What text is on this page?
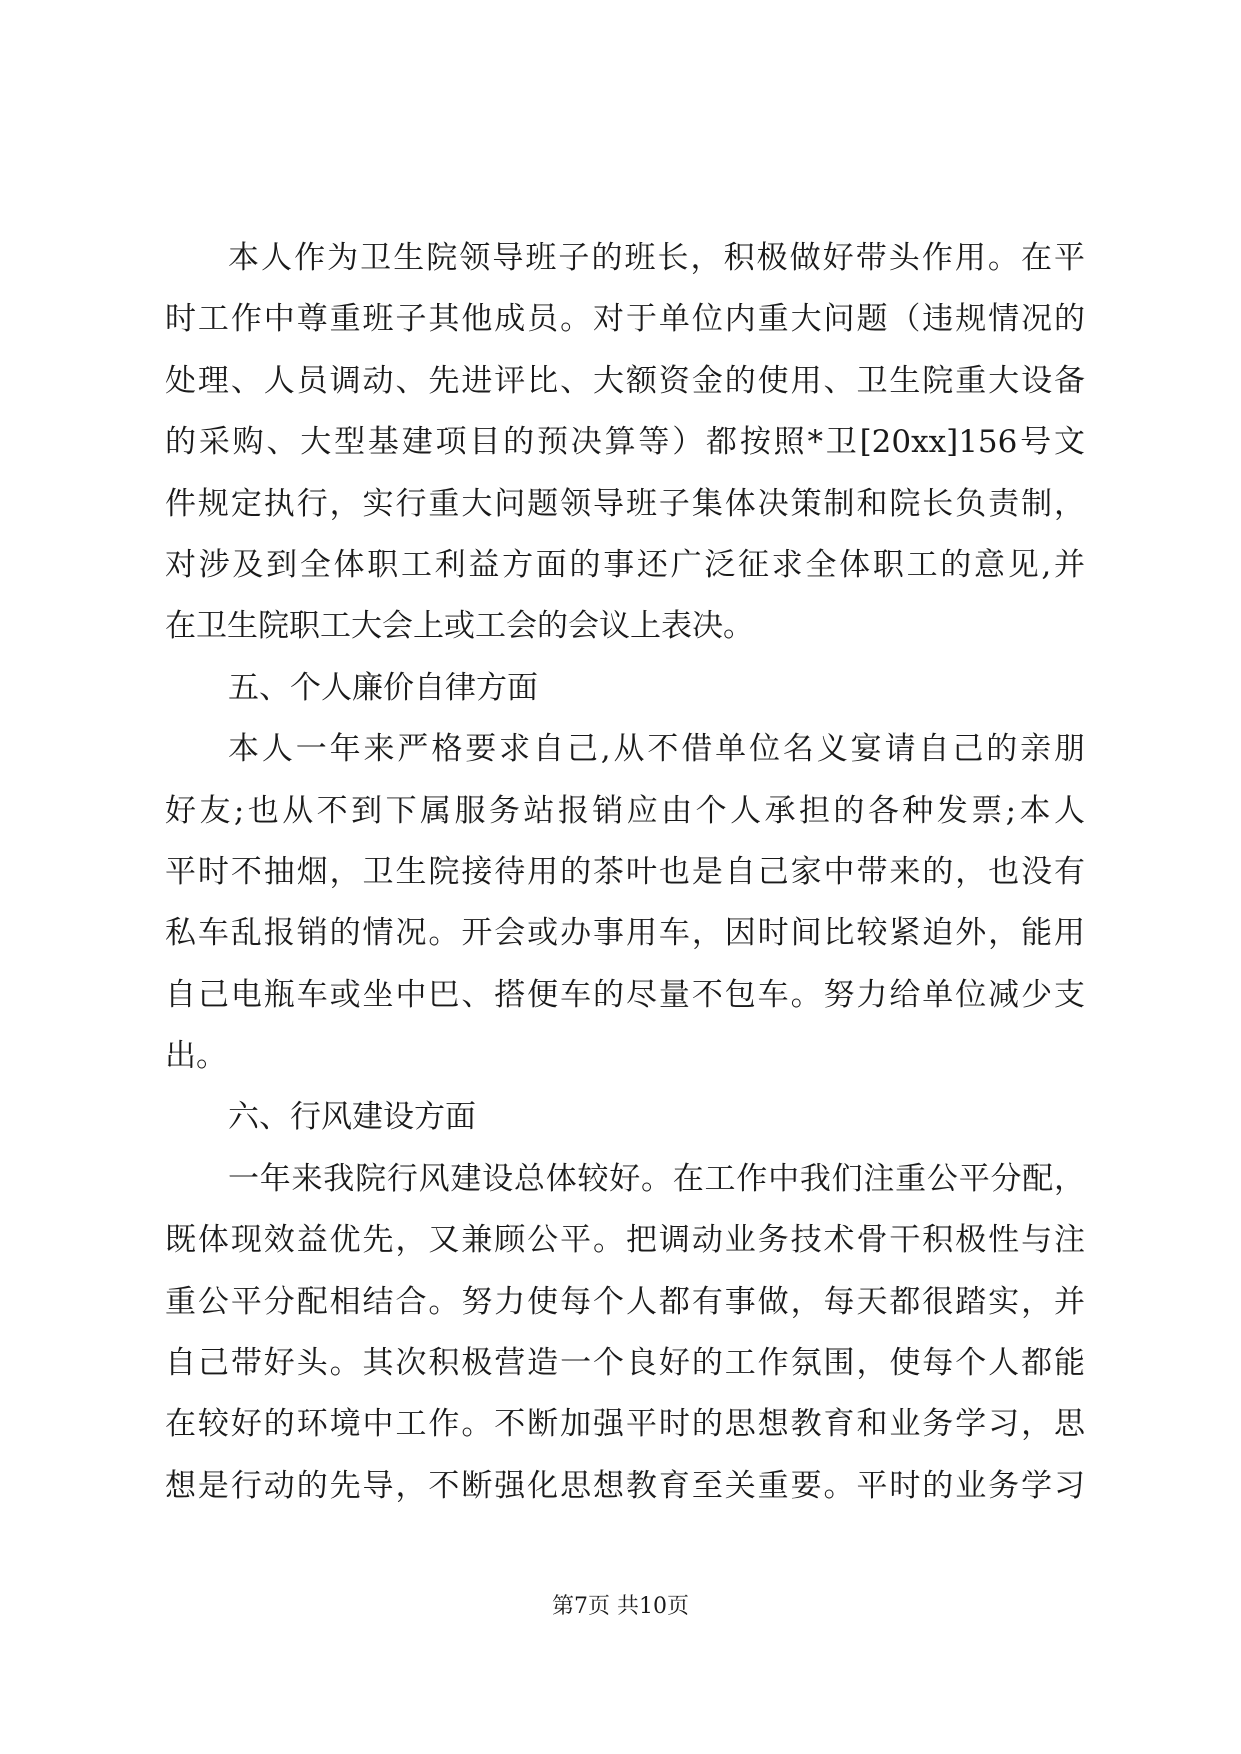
本人作为卫生院领导班子的班长，积极做好带头作用。在平
时工作中尊重班子其他成员。对于单位内重大问题（违规情况的
处理、人员调动、先进评比、大额资金的使用、卫生院重大设备
的采购、大型基建项目的预决算等）都按照*卫[20xx]156号文
件规定执行，实行重大问题领导班子集体决策制和院长负责制，
对涉及到全体职工利益方面的事还广泛征求全体职工的意见,并
在卫生院职工大会上或工会的会议上表决。
五、个人廉价自律方面
本人一年来严格要求自己,从不借单位名义宴请自己的亲朋
好友;也从不到下属服务站报销应由个人承担的各种发票;本人
平时不抽烟，卫生院接待用的茶叶也是自己家中带来的，也没有
私车乱报销的情况。开会或办事用车，因时间比较紧迫外，能用
自己电瓶车或坐中巴、搭便车的尽量不包车。努力给单位减少支
出。
六、行风建设方面
一年来我院行风建设总体较好。在工作中我们注重公平分配，
既体现效益优先，又兼顾公平。把调动业务技术骨干积极性与注
重公平分配相结合。努力使每个人都有事做，每天都很踏实，并
自己带好头。其次积极营造一个良好的工作氛围，使每个人都能
在较好的环境中工作。不断加强平时的思想教育和业务学习，思
想是行动的先导，不断强化思想教育至关重要。平时的业务学习
第7页 共10页
